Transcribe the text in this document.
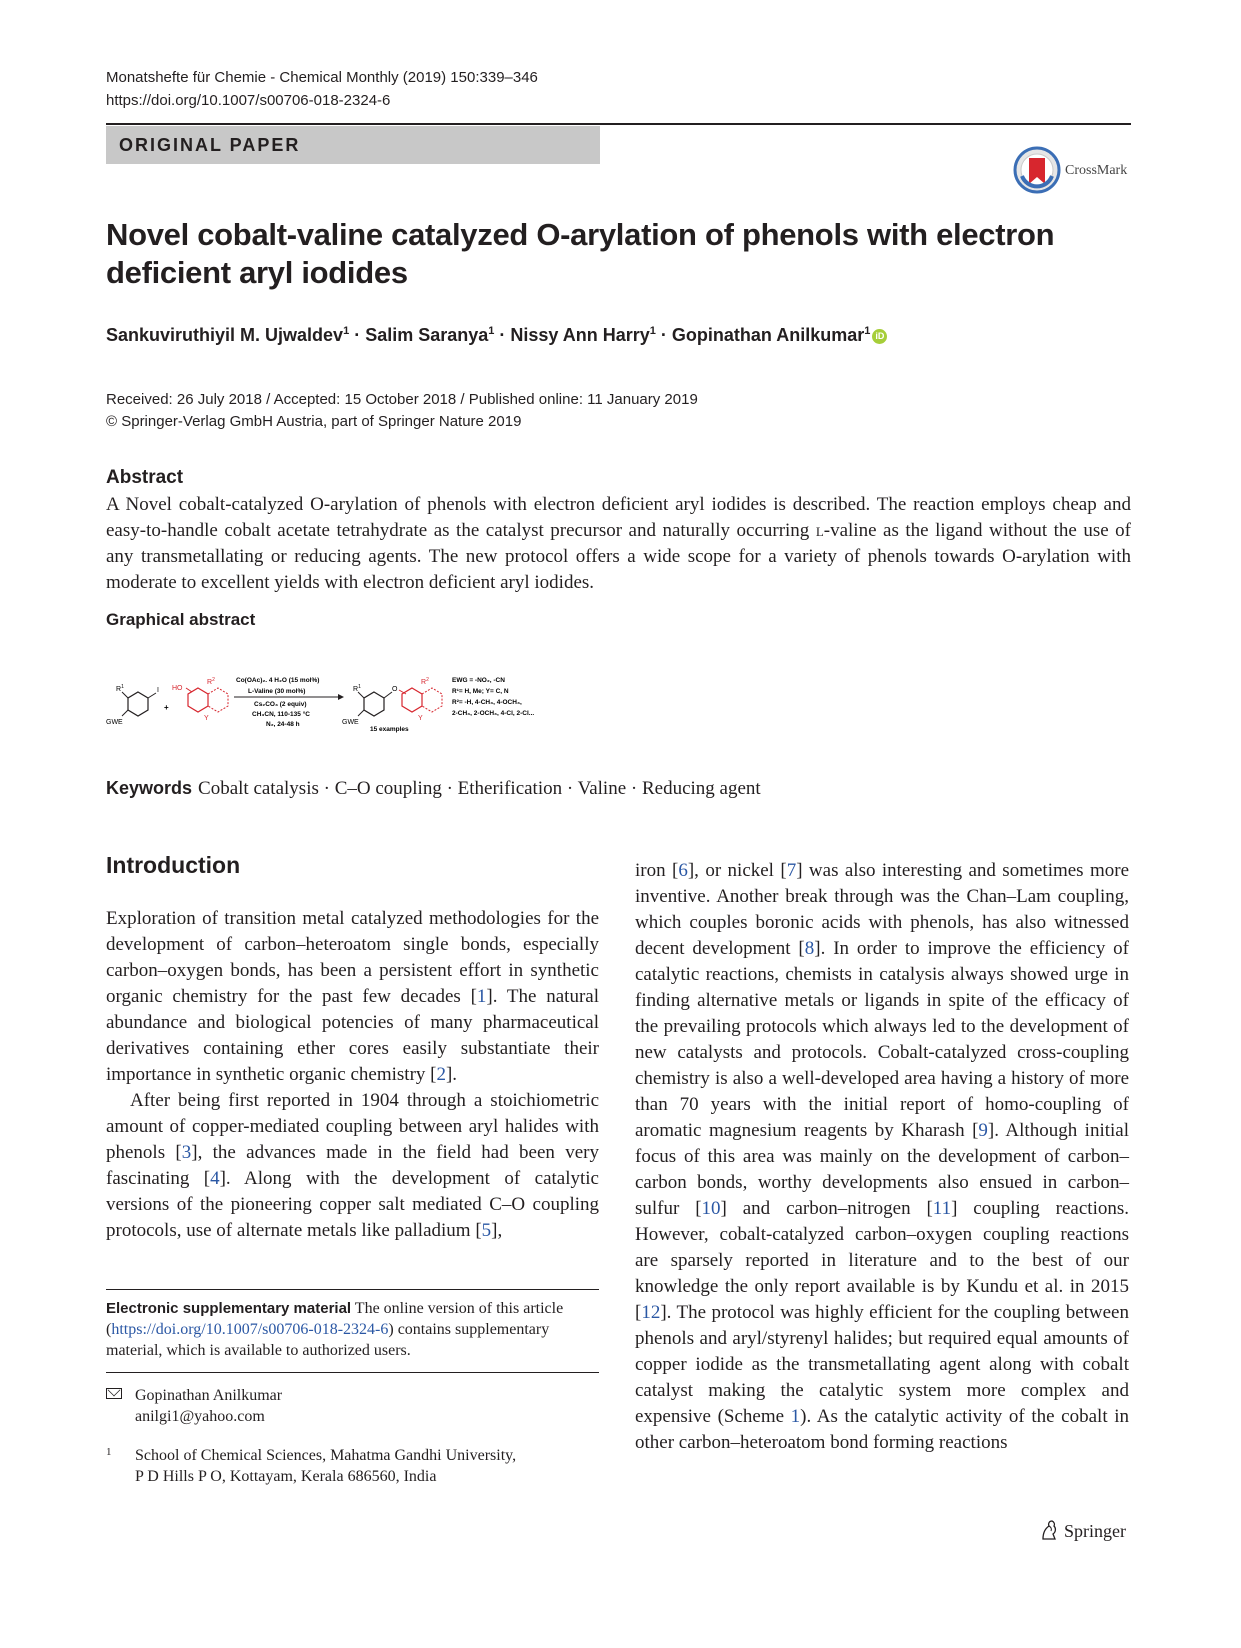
Monatshefte für Chemie - Chemical Monthly (2019) 150:339–346
https://doi.org/10.1007/s00706-018-2324-6
ORIGINAL PAPER
CrossMark
Novel cobalt-valine catalyzed O-arylation of phenols with electron deficient aryl iodides
Sankuviruthiyil M. Ujwaldev$^1$ · Salim Saranya$^1$ · Nissy Ann Harry$^1$ · Gopinathan Anilkumar$^1$ iD
Received: 26 July 2018 / Accepted: 15 October 2018 / Published online: 11 January 2019
© Springer-Verlag GmbH Austria, part of Springer Nature 2019
Abstract
A Novel cobalt-catalyzed O-arylation of phenols with electron deficient aryl iodides is described. The reaction employs cheap and easy-to-handle cobalt acetate tetrahydrate as the catalyst precursor and naturally occurring l-valine as the ligand without the use of any transmetallating or reducing agents. The new protocol offers a wide scope for a variety of phenols towards O-arylation with moderate to excellent yields with electron deficient aryl iodides.
Graphical abstract
$R^1$	I
GWE
+
HO
$R^2$
Y
Co(OAc)₂. 4 H₂O (15 mol%)
L-Valine (30 mol%)
Cs₂CO₃ (2 equiv)
CH₃CN, 110-135 °C
N₂, 24-48 h
$R^1$
GWE
O
$R^2$
Y
15 examples
EWG = -NO₂, -CN
R¹= H, Me; Y= C, N
R²= -H, 4-CH₃, 4-OCH₃,
2-CH₃, 2-OCH₃, 4-Cl, 2-Cl...
Keywords Cobalt catalysis · C–O coupling · Etherification · Valine · Reducing agent
Introduction

Exploration of transition metal catalyzed methodologies for the development of carbon–heteroatom single bonds, especially carbon–oxygen bonds, has been a persistent effort in synthetic organic chemistry for the past few decades [1]. The natural abundance and biological potencies of many pharmaceutical derivatives containing ether cores easily substantiate their importance in synthetic organic chemistry [2].

After being first reported in 1904 through a stoichiometric amount of copper-mediated coupling between aryl halides with phenols [3], the advances made in the field had been very fascinating [4]. Along with the development of catalytic versions of the pioneering copper salt mediated C–O coupling protocols, use of alternate metals like palladium [5],

iron [6], or nickel [7] was also interesting and sometimes more inventive. Another break through was the Chan–Lam coupling, which couples boronic acids with phenols, has also witnessed decent development [8]. In order to improve the efficiency of catalytic reactions, chemists in catalysis always showed urge in finding alternative metals or ligands in spite of the efficacy of the prevailing protocols which always led to the development of new catalysts and protocols. Cobalt-catalyzed cross-coupling chemistry is also a well-developed area having a history of more than 70 years with the initial report of homo-coupling of aromatic magnesium reagents by Kharash [9]. Although initial focus of this area was mainly on the development of carbon–carbon bonds, worthy developments also ensued in carbon–sulfur [10] and carbon–nitrogen [11] coupling reactions. However, cobalt-catalyzed carbon–oxygen coupling reactions are sparsely reported in literature and to the best of our knowledge the only report available is by Kundu et al. in 2015 [12]. The protocol was highly efficient for the coupling between phenols and aryl/styrenyl halides; but required equal amounts of copper iodide as the transmetallating agent along with cobalt catalyst making the catalytic system more complex and expensive (Scheme 1). As the catalytic activity of the cobalt in other carbon–heteroatom bond forming reactions

Electronic supplementary material The online version of this article (https://doi.org/10.1007/s00706-018-2324-6) contains supplementary material, which is available to authorized users.
Gopinathan Anilkumar
anilgi1@yahoo.com
1 School of Chemical Sciences, Mahatma Gandhi University,
P D Hills P O, Kottayam, Kerala 686560, India
Springer
